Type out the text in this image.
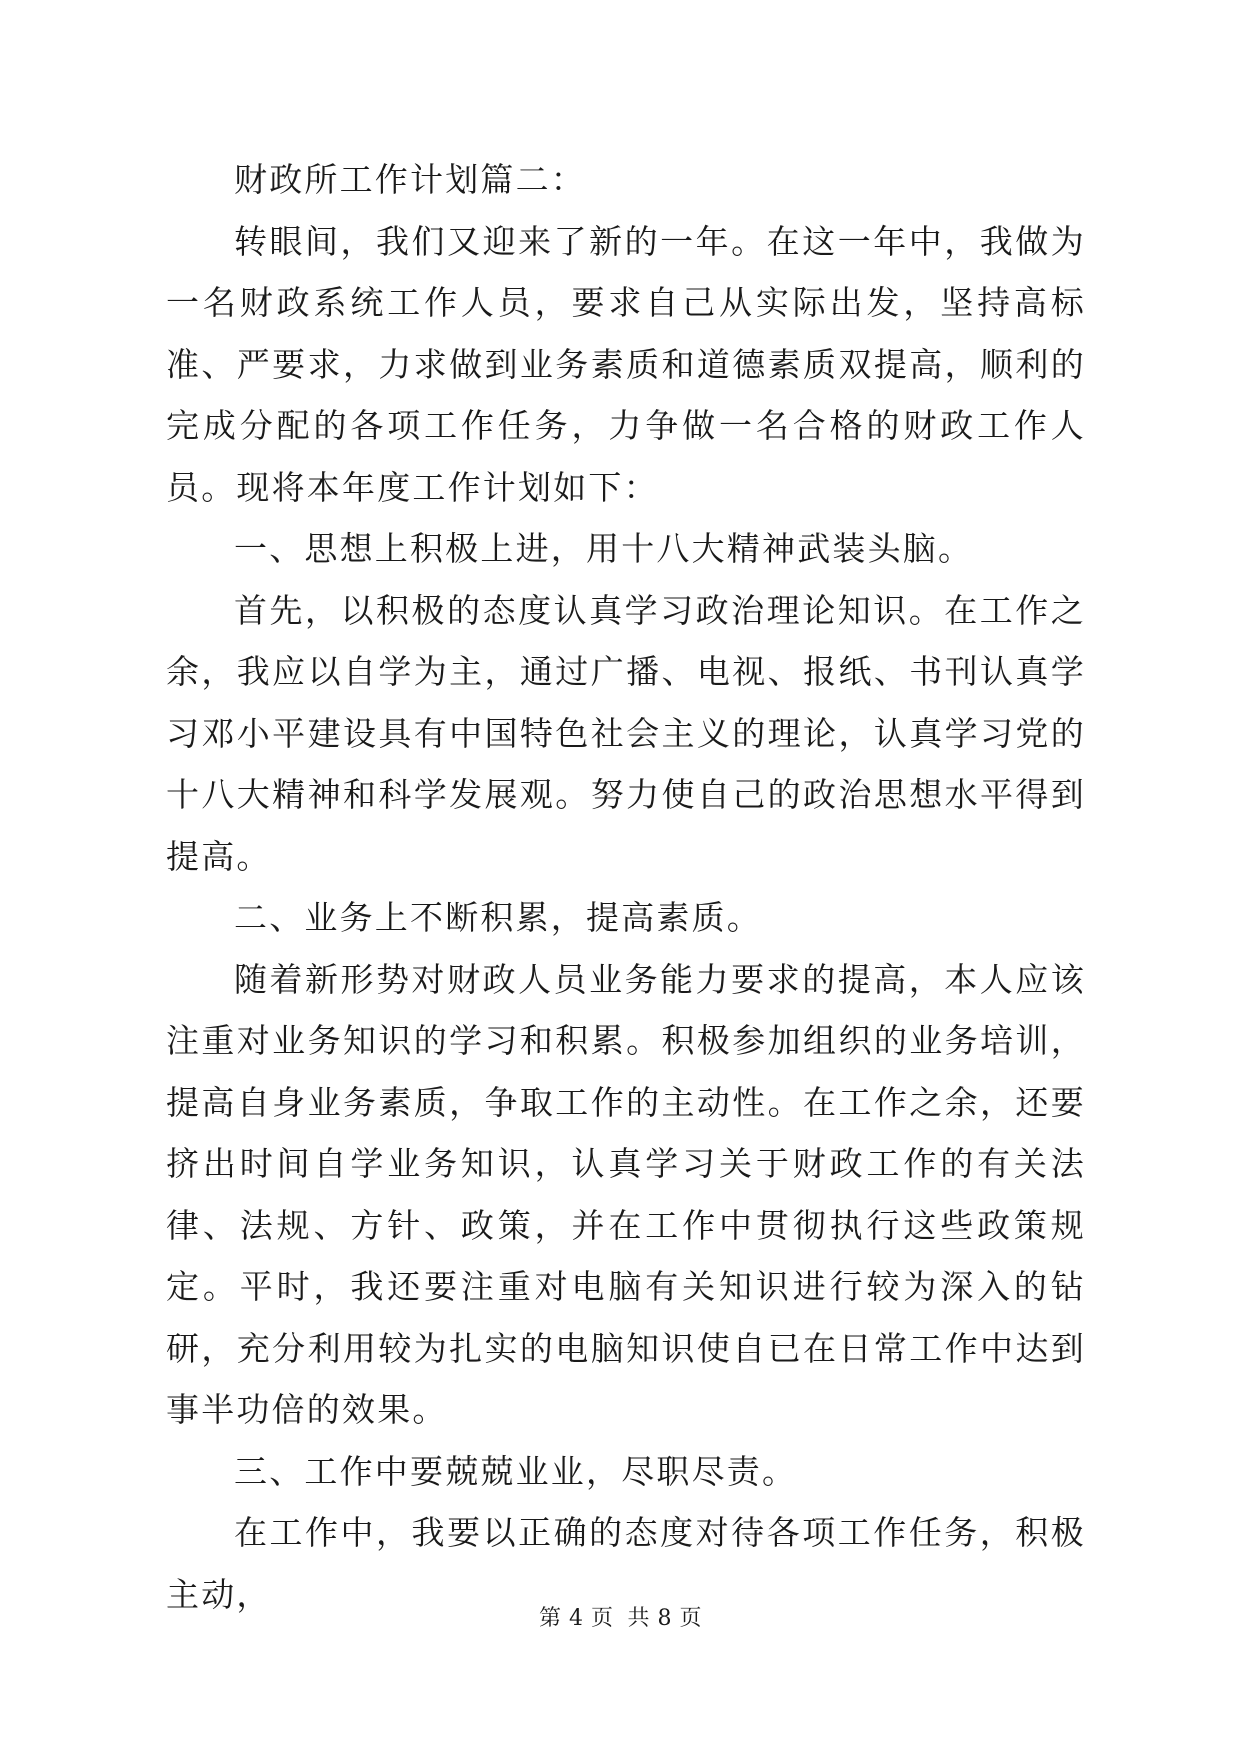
财政所工作计划篇二：

转眼间，我们又迎来了新的一年。在这一年中，我做为一名财政系统工作人员，要求自己从实际出发，坚持高标准、严要求，力求做到业务素质和道德素质双提高，顺利的完成分配的各项工作任务，力争做一名合格的财政工作人员。现将本年度工作计划如下：

一、思想上积极上进，用十八大精神武装头脑。

首先，以积极的态度认真学习政治理论知识。在工作之余，我应以自学为主，通过广播、电视、报纸、书刊认真学习邓小平建设具有中国特色社会主义的理论，认真学习党的十八大精神和科学发展观。努力使自己的政治思想水平得到提高。

二、业务上不断积累，提高素质。

随着新形势对财政人员业务能力要求的提高，本人应该注重对业务知识的学习和积累。积极参加组织的业务培训，提高自身业务素质，争取工作的主动性。在工作之余，还要挤出时间自学业务知识，认真学习关于财政工作的有关法律、法规、方针、政策，并在工作中贯彻执行这些政策规定。平时，我还要注重对电脑有关知识进行较为深入的钻研，充分利用较为扎实的电脑知识使自已在日常工作中达到事半功倍的效果。

三、工作中要兢兢业业，尽职尽责。

在工作中，我要以正确的态度对待各项工作任务，积极主动，

第 4 页 共 8 页
